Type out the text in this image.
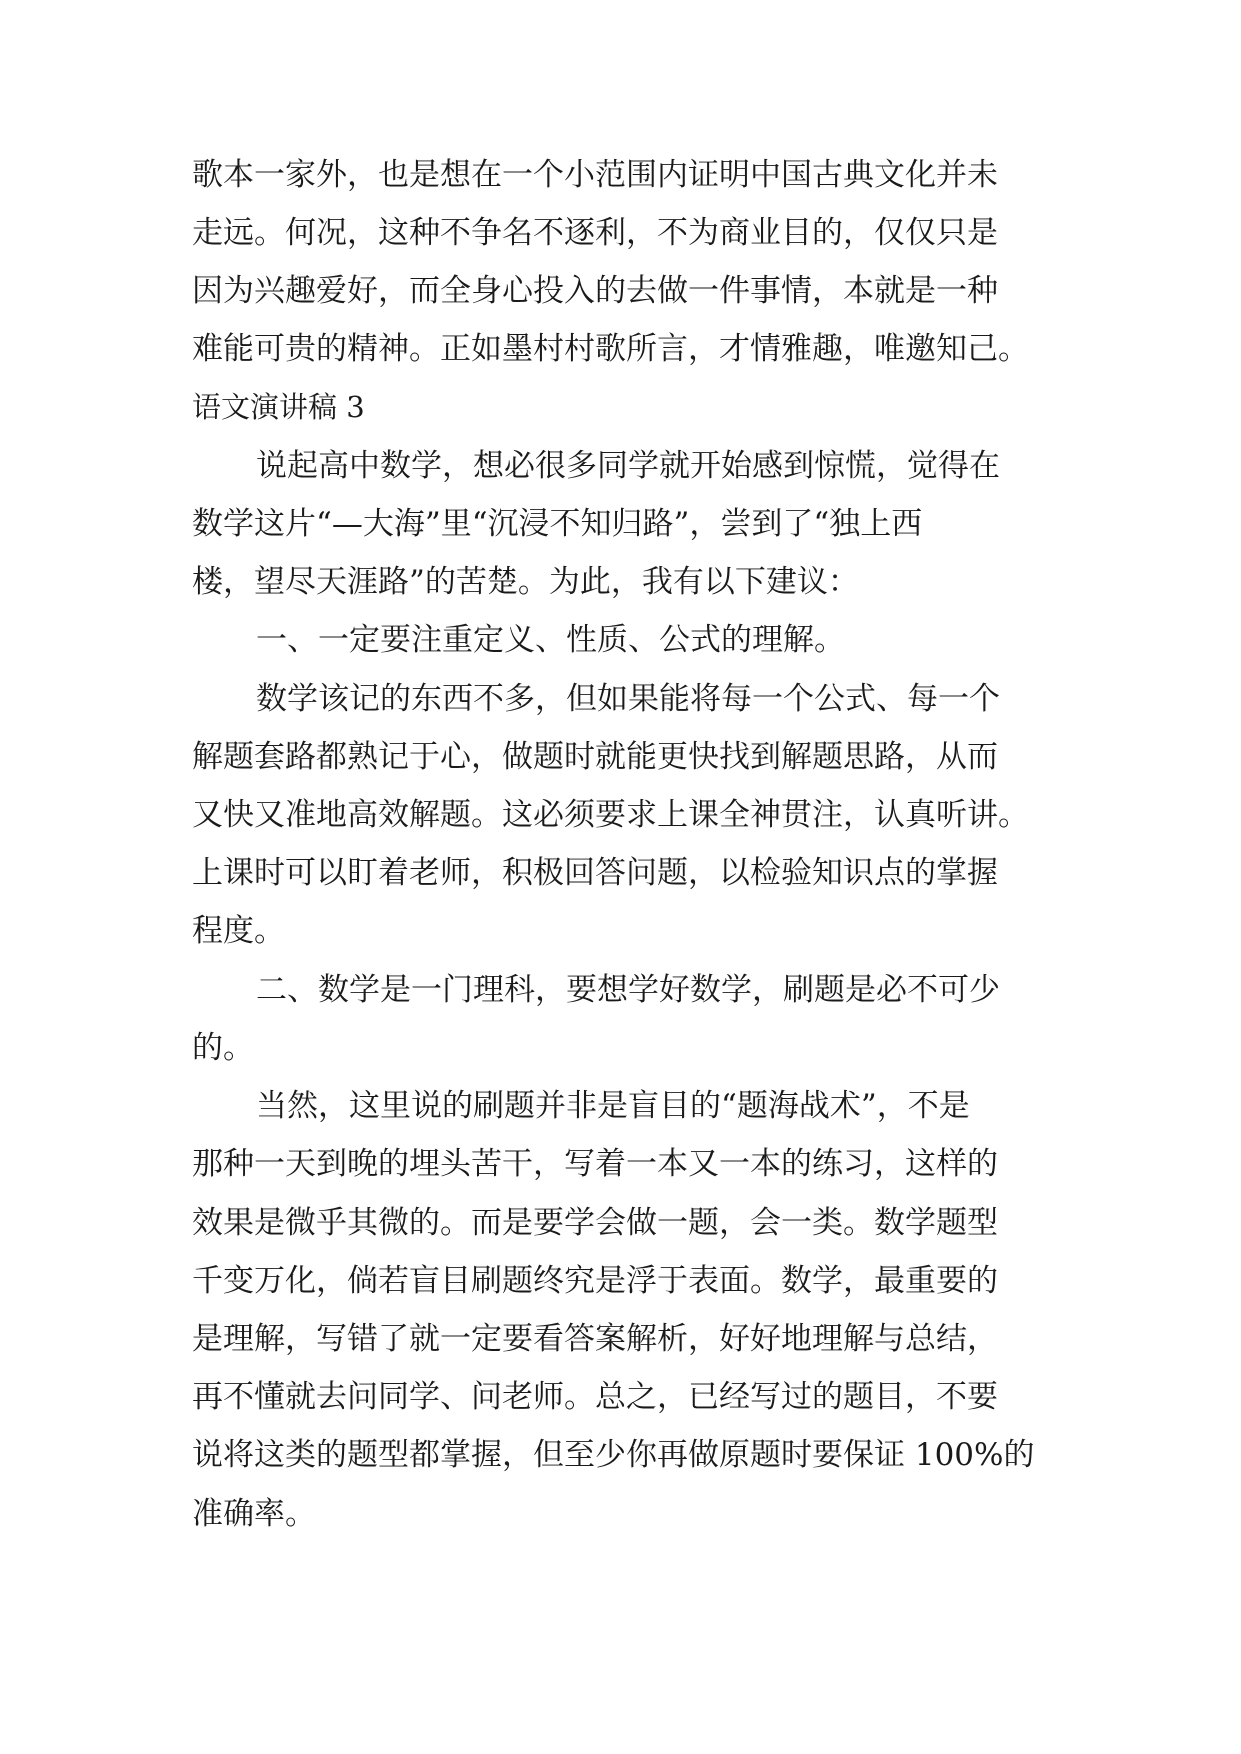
歌本一家外，也是想在一个小范围内证明中国古典文化并未

走远。何况，这种不争名不逐利，不为商业目的，仅仅只是

因为兴趣爱好，而全身心投入的去做一件事情，本就是一种

难能可贵的精神。正如墨村村歌所言，才情雅趣，唯邀知己。

语文演讲稿 3

说起高中数学，想必很多同学就开始感到惊慌，觉得在

数学这片“—大海”里“沉浸不知归路”，尝到了“独上西

楼，望尽天涯路”的苦楚。为此，我有以下建议：

一、一定要注重定义、性质、公式的理解。

数学该记的东西不多，但如果能将每一个公式、每一个

解题套路都熟记于心，做题时就能更快找到解题思路，从而

又快又准地高效解题。这必须要求上课全神贯注，认真听讲。

上课时可以盯着老师，积极回答问题，以检验知识点的掌握

程度。

二、数学是一门理科，要想学好数学，刷题是必不可少

的。

当然，这里说的刷题并非是盲目的“题海战术”，不是

那种一天到晚的埋头苦干，写着一本又一本的练习，这样的

效果是微乎其微的。而是要学会做一题，会一类。数学题型

千变万化，倘若盲目刷题终究是浮于表面。数学，最重要的

是理解，写错了就一定要看答案解析，好好地理解与总结，

再不懂就去问同学、问老师。总之，已经写过的题目，不要

说将这类的题型都掌握，但至少你再做原题时要保证 100%的

准确率。
